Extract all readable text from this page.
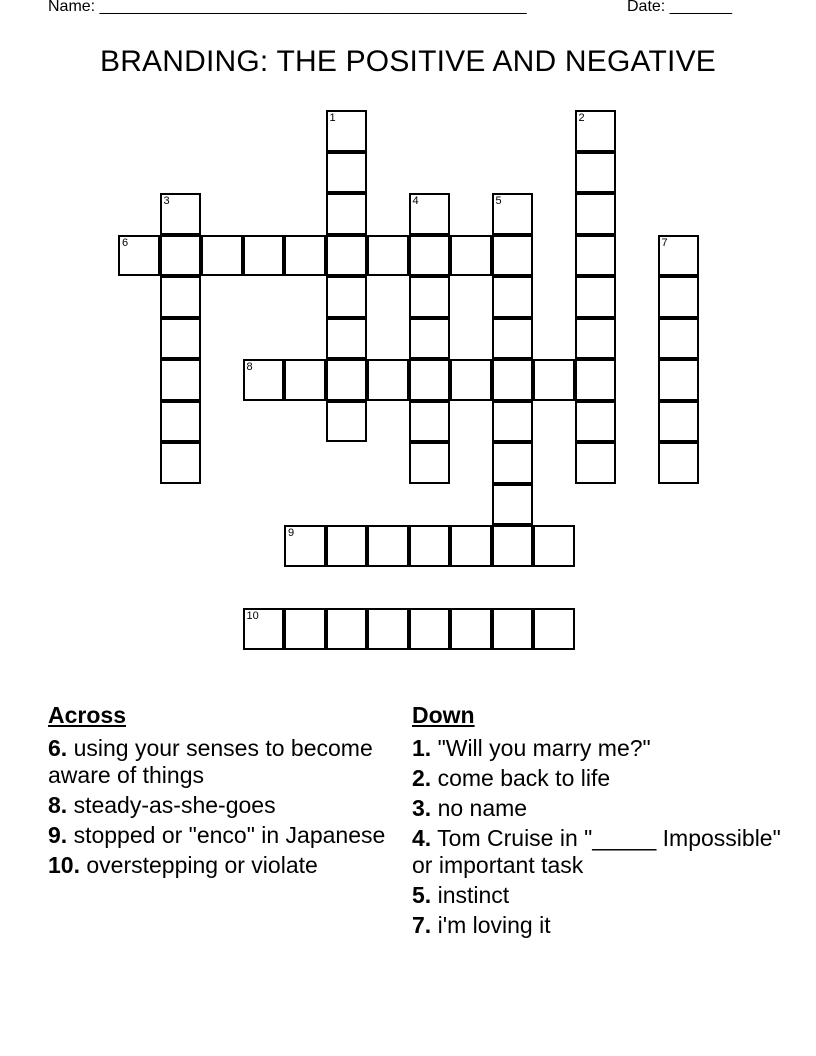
Name: ________________________________________________	Date: _______
BRANDING: THE POSITIVE AND NEGATIVE
1	2
3	4	5
6	7
8
9
10
Across
6. using your senses to become aware of things
8. steady-as-she-goes
9. stopped or "enco" in Japanese
10. overstepping or violate
Down
1. "Will you marry me?"
2. come back to life
3. no name
4. Tom Cruise in "_____ Impossible" or important task
5. instinct
7. i'm loving it
